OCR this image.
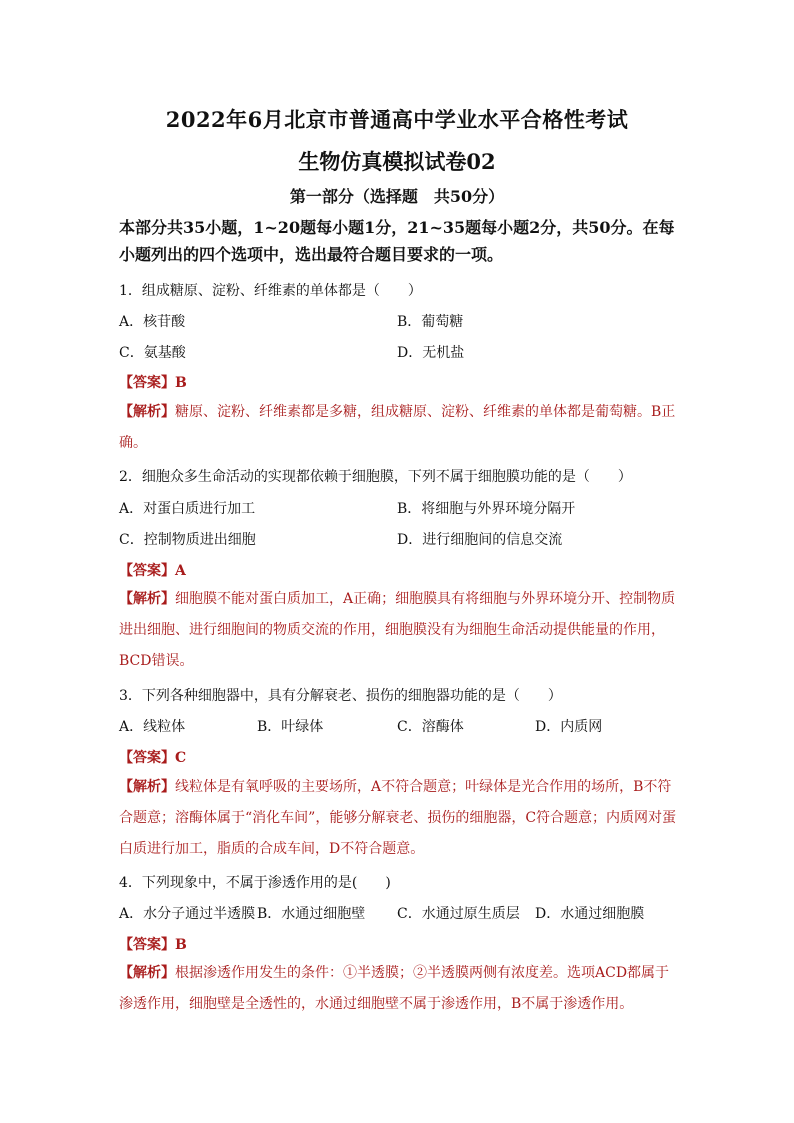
2022年6月北京市普通高中学业水平合格性考试
生物仿真模拟试卷02
第一部分（选择题　共50分）
本部分共35小题，1~20题每小题1分，21~35题每小题2分，共50分。在每小题列出的四个选项中，选出最符合题目要求的一项。
1．组成糖原、淀粉、纤维素的单体都是（　　）
A．核苷酸	B．葡萄糖
C．氨基酸	D．无机盐
【答案】B
【解析】糖原、淀粉、纤维素都是多糖，组成糖原、淀粉、纤维素的单体都是葡萄糖。B正确。
2．细胞众多生命活动的实现都依赖于细胞膜，下列不属于细胞膜功能的是（　　）
A．对蛋白质进行加工	B．将细胞与外界环境分隔开
C．控制物质进出细胞	D．进行细胞间的信息交流
【答案】A
【解析】细胞膜不能对蛋白质加工，A正确；细胞膜具有将细胞与外界环境分开、控制物质进出细胞、进行细胞间的物质交流的作用，细胞膜没有为细胞生命活动提供能量的作用，BCD错误。
3．下列各种细胞器中，具有分解衰老、损伤的细胞器功能的是（　　）
A．线粒体	B．叶绿体	C．溶酶体	D．内质网
【答案】C
【解析】线粒体是有氧呼吸的主要场所，A不符合题意；叶绿体是光合作用的场所，B不符合题意；溶酶体属于“消化车间”，能够分解衰老、损伤的细胞器，C符合题意；内质网对蛋白质进行加工，脂质的合成车间，D不符合题意。
4．下列现象中，不属于渗透作用的是(　　)
A．水分子通过半透膜 B．水通过细胞壁 C．水通过原生质层 D．水通过细胞膜
【答案】B
【解析】根据渗透作用发生的条件：①半透膜；②半透膜两侧有浓度差。选项ACD都属于渗透作用，细胞壁是全透性的，水通过细胞壁不属于渗透作用，B不属于渗透作用。
